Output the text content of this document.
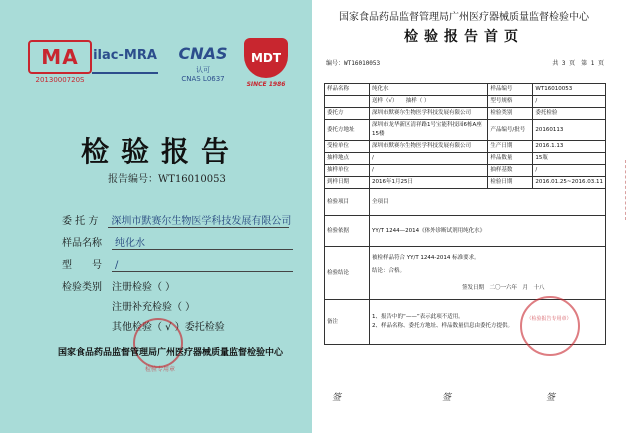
MA
2013000720S
ilac-MRA	CNAS
认可
CNAS L0637
MDT
SINCE 1986
检验报告
报告编号：WT16010053
委 托 方　 深圳市默赛尔生物医学科技发展有限公司
样品名称　 纯化水
型　　号　 /
检验类别　 注册检验（ ）
注册补充检验（ ）
其他检验（ √ ）委托检验
检验专用章
国家食品药品监督管理局广州医疗器械质量监督检验中心
国家食品药品监督管理局广州医疗器械质量监督检验中心
检验报告首页
编号：WT16010053	共 3 页　第 1 页
样品名称	纯化水	样品编号	WT16010053
	送样（√）　　抽样（ ）	型号规格	/
委托方	深圳市默赛尔生物医学科技发展有限公司	检验类别	委托检验
委托方地址	深圳市龙华新区清祥路1号宝能科技园6栋A座15楼	产品编号/批号	20160113
受检单位	深圳市默赛尔生物医学科技发展有限公司	生产日期	2016.1.13
抽样地点	/	样品数量	15瓶
抽样单位	/	抽样基数	/
到样日期	2016年1月25日	检验日期	2016.01.25~2016.03.11
检验项目	全项目		
检验依据	YY/T 1244—2014《体外诊断试剂用纯化水》		
检验结论	被检样品符合 YY/T 1244-2014 标准要求。
结论：合格。
签发日期　 二〇一六年　月　十八		

备注	1、报告中的“——”表示此项不适用。
2、样品名称、委托方地址、样品数量信息由委托方提供。		
（检验报告专用章）
签	签	签
